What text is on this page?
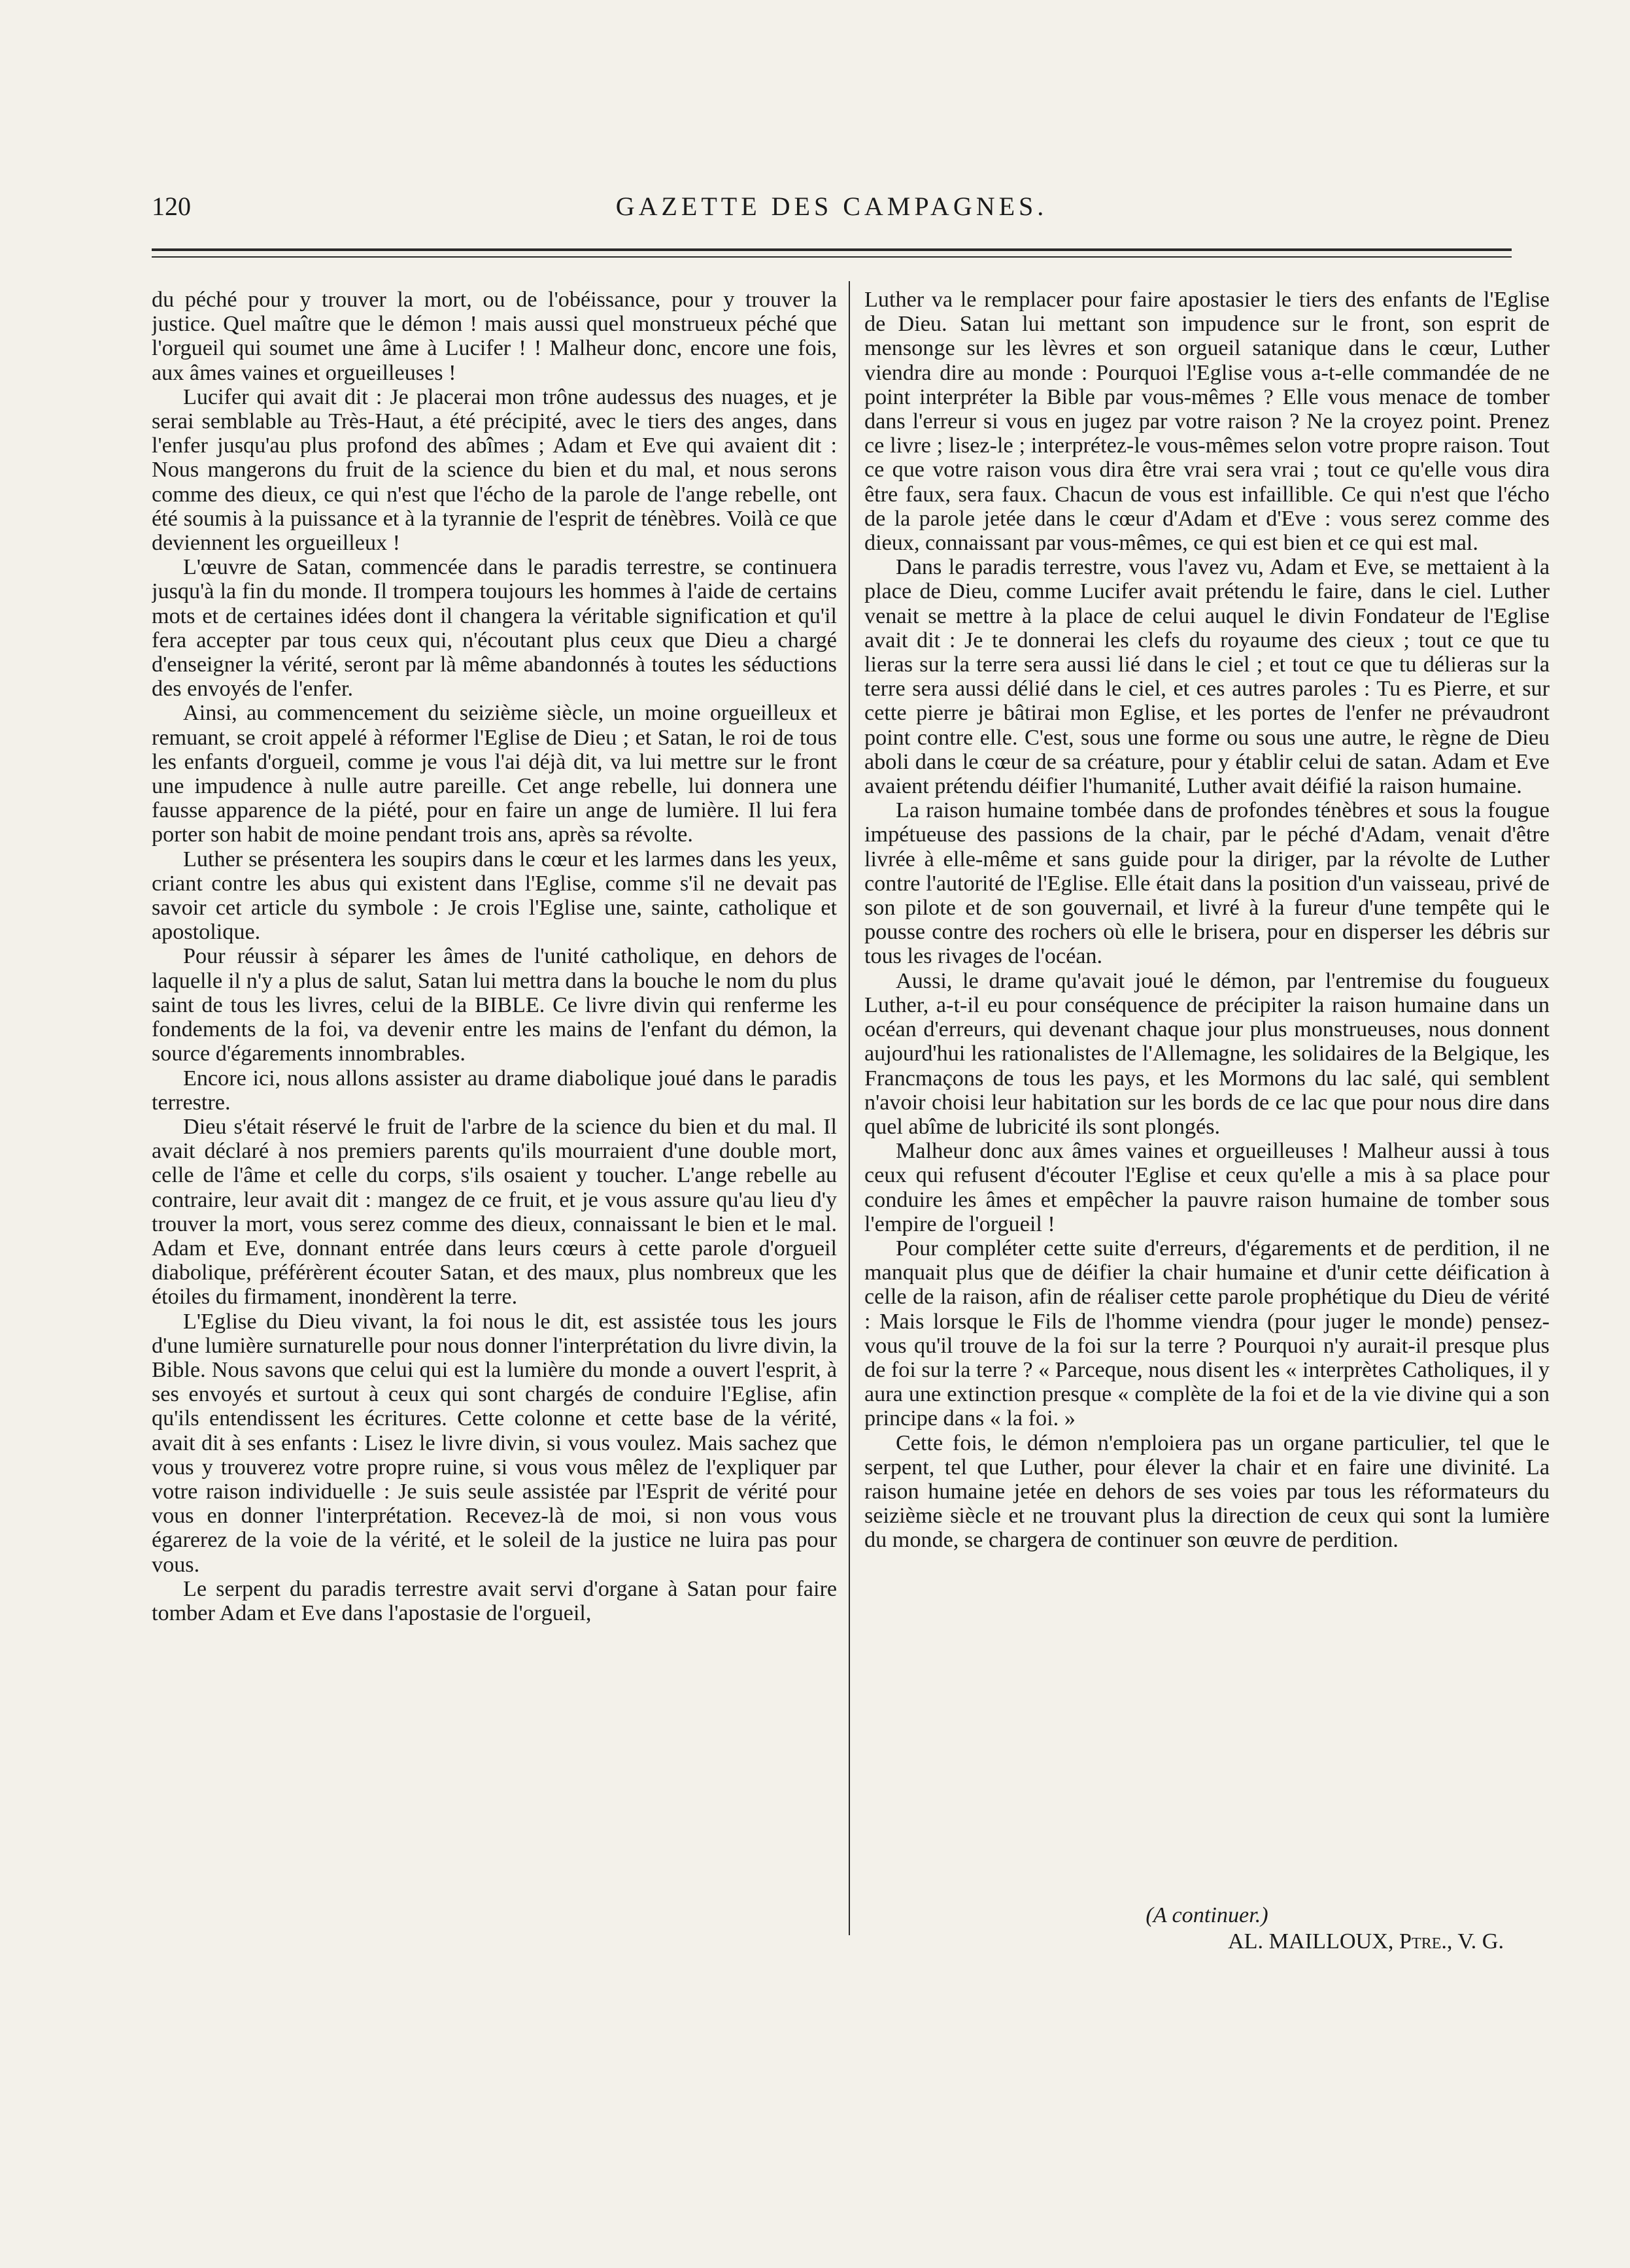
120	GAZETTE DES CAMPAGNES.

du péché pour y trouver la mort, ou de l'obéissance, pour y trouver la justice. Quel maître que le démon ! mais aussi quel monstrueux péché que l'orgueil qui soumet une âme à Lucifer ! ! Malheur donc, encore une fois, aux âmes vaines et orgueilleuses !

Lucifer qui avait dit : Je placerai mon trône audessus des nuages, et je serai semblable au Très-Haut, a été précipité, avec le tiers des anges, dans l'enfer jusqu'au plus profond des abîmes ; Adam et Eve qui avaient dit : Nous mangerons du fruit de la science du bien et du mal, et nous serons comme des dieux, ce qui n'est que l'écho de la parole de l'ange rebelle, ont été soumis à la puissance et à la tyrannie de l'esprit de ténèbres. Voilà ce que deviennent les orgueilleux !

L'œuvre de Satan, commencée dans le paradis terrestre, se continuera jusqu'à la fin du monde. Il trompera toujours les hommes à l'aide de certains mots et de certaines idées dont il changera la véritable signification et qu'il fera accepter par tous ceux qui, n'écoutant plus ceux que Dieu a chargé d'enseigner la vérité, seront par là même abandonnés à toutes les séductions des envoyés de l'enfer.

Ainsi, au commencement du seizième siècle, un moine orgueilleux et remuant, se croit appelé à réformer l'Eglise de Dieu ; et Satan, le roi de tous les enfants d'orgueil, comme je vous l'ai déjà dit, va lui mettre sur le front une impudence à nulle autre pareille. Cet ange rebelle, lui donnera une fausse apparence de la piété, pour en faire un ange de lumière. Il lui fera porter son habit de moine pendant trois ans, après sa révolte.

Luther se présentera les soupirs dans le cœur et les larmes dans les yeux, criant contre les abus qui existent dans l'Eglise, comme s'il ne devait pas savoir cet article du symbole : Je crois l'Eglise une, sainte, catholique et apostolique.

Pour réussir à séparer les âmes de l'unité catholique, en dehors de laquelle il n'y a plus de salut, Satan lui mettra dans la bouche le nom du plus saint de tous les livres, celui de la BIBLE. Ce livre divin qui renferme les fondements de la foi, va devenir entre les mains de l'enfant du démon, la source d'égarements innombrables.

Encore ici, nous allons assister au drame diabolique joué dans le paradis terrestre.

Dieu s'était réservé le fruit de l'arbre de la science du bien et du mal. Il avait déclaré à nos premiers parents qu'ils mourraient d'une double mort, celle de l'âme et celle du corps, s'ils osaient y toucher. L'ange rebelle au contraire, leur avait dit : mangez de ce fruit, et je vous assure qu'au lieu d'y trouver la mort, vous serez comme des dieux, connaissant le bien et le mal. Adam et Eve, donnant entrée dans leurs cœurs à cette parole d'orgueil diabolique, préférèrent écouter Satan, et des maux, plus nombreux que les étoiles du firmament, inondèrent la terre.

L'Eglise du Dieu vivant, la foi nous le dit, est assistée tous les jours d'une lumière surnaturelle pour nous donner l'interprétation du livre divin, la Bible. Nous savons que celui qui est la lumière du monde a ouvert l'esprit, à ses envoyés et surtout à ceux qui sont chargés de conduire l'Eglise, afin qu'ils entendissent les écritures. Cette colonne et cette base de la vérité, avait dit à ses enfants : Lisez le livre divin, si vous voulez. Mais sachez que vous y trouverez votre propre ruine, si vous vous mêlez de l'expliquer par votre raison individuelle : Je suis seule assistée par l'Esprit de vérité pour vous en donner l'interprétation. Recevez-là de moi, si non vous vous égarerez de la voie de la vérité, et le soleil de la justice ne luira pas pour vous.

Le serpent du paradis terrestre avait servi d'organe à Satan pour faire tomber Adam et Eve dans l'apostasie de l'orgueil,

Luther va le remplacer pour faire apostasier le tiers des enfants de l'Eglise de Dieu. Satan lui mettant son impudence sur le front, son esprit de mensonge sur les lèvres et son orgueil satanique dans le cœur, Luther viendra dire au monde : Pourquoi l'Eglise vous a-t-elle commandée de ne point interpréter la Bible par vous-mêmes ? Elle vous menace de tomber dans l'erreur si vous en jugez par votre raison ? Ne la croyez point. Prenez ce livre ; lisez-le ; interprétez-le vous-mêmes selon votre propre raison. Tout ce que votre raison vous dira être vrai sera vrai ; tout ce qu'elle vous dira être faux, sera faux. Chacun de vous est infaillible. Ce qui n'est que l'écho de la parole jetée dans le cœur d'Adam et d'Eve : vous serez comme des dieux, connaissant par vous-mêmes, ce qui est bien et ce qui est mal.

Dans le paradis terrestre, vous l'avez vu, Adam et Eve, se mettaient à la place de Dieu, comme Lucifer avait prétendu le faire, dans le ciel. Luther venait se mettre à la place de celui auquel le divin Fondateur de l'Eglise avait dit : Je te donnerai les clefs du royaume des cieux ; tout ce que tu lieras sur la terre sera aussi lié dans le ciel ; et tout ce que tu délieras sur la terre sera aussi délié dans le ciel, et ces autres paroles : Tu es Pierre, et sur cette pierre je bâtirai mon Eglise, et les portes de l'enfer ne prévaudront point contre elle. C'est, sous une forme ou sous une autre, le règne de Dieu aboli dans le cœur de sa créature, pour y établir celui de satan. Adam et Eve avaient prétendu déifier l'humanité, Luther avait déifié la raison humaine.

La raison humaine tombée dans de profondes ténèbres et sous la fougue impétueuse des passions de la chair, par le péché d'Adam, venait d'être livrée à elle-même et sans guide pour la diriger, par la révolte de Luther contre l'autorité de l'Eglise. Elle était dans la position d'un vaisseau, privé de son pilote et de son gouvernail, et livré à la fureur d'une tempête qui le pousse contre des rochers où elle le brisera, pour en disperser les débris sur tous les rivages de l'océan.

Aussi, le drame qu'avait joué le démon, par l'entremise du fougueux Luther, a-t-il eu pour conséquence de précipiter la raison humaine dans un océan d'erreurs, qui devenant chaque jour plus monstrueuses, nous donnent aujourd'hui les rationalistes de l'Allemagne, les solidaires de la Belgique, les Francmaçons de tous les pays, et les Mormons du lac salé, qui semblent n'avoir choisi leur habitation sur les bords de ce lac que pour nous dire dans quel abîme de lubricité ils sont plongés.

Malheur donc aux âmes vaines et orgueilleuses ! Malheur aussi à tous ceux qui refusent d'écouter l'Eglise et ceux qu'elle a mis à sa place pour conduire les âmes et empêcher la pauvre raison humaine de tomber sous l'empire de l'orgueil !

Pour compléter cette suite d'erreurs, d'égarements et de perdition, il ne manquait plus que de déifier la chair humaine et d'unir cette déification à celle de la raison, afin de réaliser cette parole prophétique du Dieu de vérité : Mais lorsque le Fils de l'homme viendra (pour juger le monde) pensez-vous qu'il trouve de la foi sur la terre ? Pourquoi n'y aurait-il presque plus de foi sur la terre ? « Parceque, nous disent les « interprètes Catholiques, il y aura une extinction presque « complète de la foi et de la vie divine qui a son principe dans « la foi. »

Cette fois, le démon n'emploiera pas un organe particulier, tel que le serpent, tel que Luther, pour élever la chair et en faire une divinité. La raison humaine jetée en dehors de ses voies par tous les réformateurs du seizième siècle et ne trouvant plus la direction de ceux qui sont la lumière du monde, se chargera de continuer son œuvre de perdition.

(A continuer.)
AL. MAILLOUX, Ptre., V. G.
